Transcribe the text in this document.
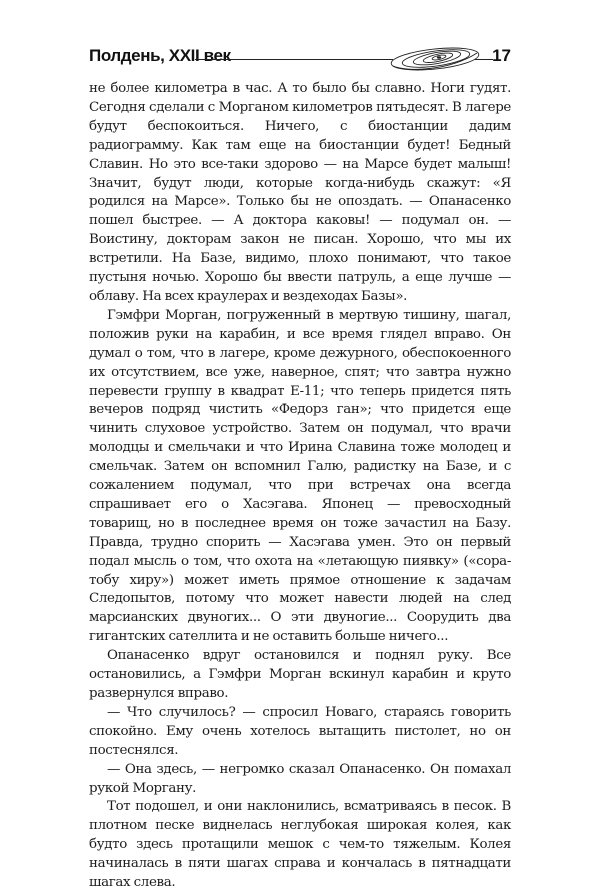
Полдень, XXII век	17

не более километра в час. А то было бы славно. Ноги гудят. Сегодня сделали с Морганом километров пятьдесят. В лагере будут беспокоиться. Ничего, с биостанции дадим радиограмму. Как там еще на биостанции будет! Бедный Славин. Но это все-таки здорово — на Марсе будет малыш! Значит, будут люди, которые когда-нибудь скажут: «Я родился на Марсе». Только бы не опоздать. — Опанасенко пошел быстрее. — А доктора каковы! — подумал он. — Воистину, докторам закон не писан. Хорошо, что мы их встретили. На Базе, видимо, плохо понимают, что такое пустыня ночью. Хорошо бы ввести патруль, а еще лучше — облаву. На всех краулерах и вездеходах Базы».

Гэмфри Морган, погруженный в мертвую тишину, шагал, положив руки на карабин, и все время глядел вправо. Он думал о том, что в лагере, кроме дежурного, обеспокоенного их отсутствием, все уже, наверное, спят; что завтра нужно перевести группу в квадрат Е-11; что теперь придется пять вечеров подряд чистить «Федорз ган»; что придется еще чинить слуховое устройство. Затем он подумал, что врачи молодцы и смельчаки и что Ирина Славина тоже молодец и смельчак. Затем он вспомнил Галю, радистку на Базе, и с сожалением подумал, что при встречах она всегда спрашивает его о Хасэгава. Японец — превосходный товарищ, но в последнее время он тоже зачастил на Базу. Правда, трудно спорить — Хасэгава умен. Это он первый подал мысль о том, что охота на «летающую пиявку» («сора-тобу хиру») может иметь прямое отношение к задачам Следопытов, потому что может навести людей на след марсианских двуногих... О эти двуногие... Соорудить два гигантских сателлита и не оставить больше ничего...

Опанасенко вдруг остановился и поднял руку. Все остановились, а Гэмфри Морган вскинул карабин и круто развернулся вправо.

— Что случилось? — спросил Новаго, стараясь говорить спокойно. Ему очень хотелось вытащить пистолет, но он постеснялся.

— Она здесь, — негромко сказал Опанасенко. Он помахал рукой Моргану.

Тот подошел, и они наклонились, всматриваясь в песок. В плотном песке виднелась неглубокая широкая колея, как будто здесь протащили мешок с чем-то тяжелым. Колея начиналась в пяти шагах справа и кончалась в пятнадцати шагах слева.
